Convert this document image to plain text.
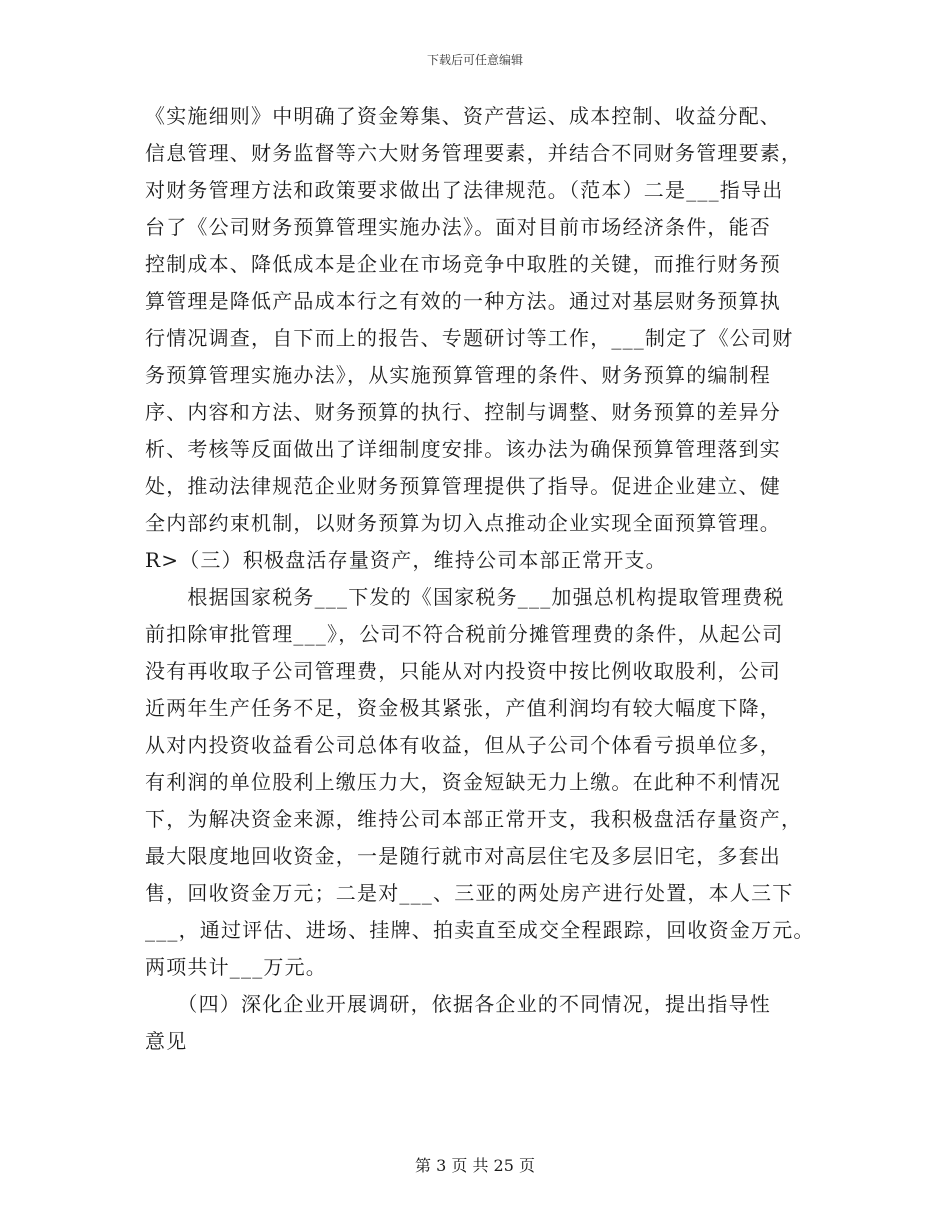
下载后可任意编辑
《实施细则》中明确了资金筹集、资产营运、成本控制、收益分配、
信息管理、财务监督等六大财务管理要素，并结合不同财务管理要素，
对财务管理方法和政策要求做出了法律规范。（范本）二是___指导出
台了《公司财务预算管理实施办法》。面对目前市场经济条件，能否
控制成本、降低成本是企业在市场竞争中取胜的关键，而推行财务预
算管理是降低产品成本行之有效的一种方法。通过对基层财务预算执
行情况调查，自下而上的报告、专题研讨等工作，___制定了《公司财
务预算管理实施办法》，从实施预算管理的条件、财务预算的编制程
序、内容和方法、财务预算的执行、控制与调整、财务预算的差异分
析、考核等反面做出了详细制度安排。该办法为确保预算管理落到实
处，推动法律规范企业财务预算管理提供了指导。促进企业建立、健
全内部约束机制，以财务预算为切入点推动企业实现全面预算管理。
R>（三）积极盘活存量资产，维持公司本部正常开支。
　　根据国家税务___下发的《国家税务___加强总机构提取管理费税
前扣除审批管理___》，公司不符合税前分摊管理费的条件，从起公司
没有再收取子公司管理费，只能从对内投资中按比例收取股利，公司
近两年生产任务不足，资金极其紧张，产值利润均有较大幅度下降，
从对内投资收益看公司总体有收益，但从子公司个体看亏损单位多，
有利润的单位股利上缴压力大，资金短缺无力上缴。在此种不利情况
下，为解决资金来源，维持公司本部正常开支，我积极盘活存量资产，
最大限度地回收资金，一是随行就市对高层住宅及多层旧宅，多套出
售，回收资金万元；二是对___、三亚的两处房产进行处置，本人三下
___，通过评估、进场、挂牌、拍卖直至成交全程跟踪，回收资金万元。
两项共计___万元。
　　（四）深化企业开展调研，依据各企业的不同情况，提出指导性
意见
第 3 页 共 25 页
